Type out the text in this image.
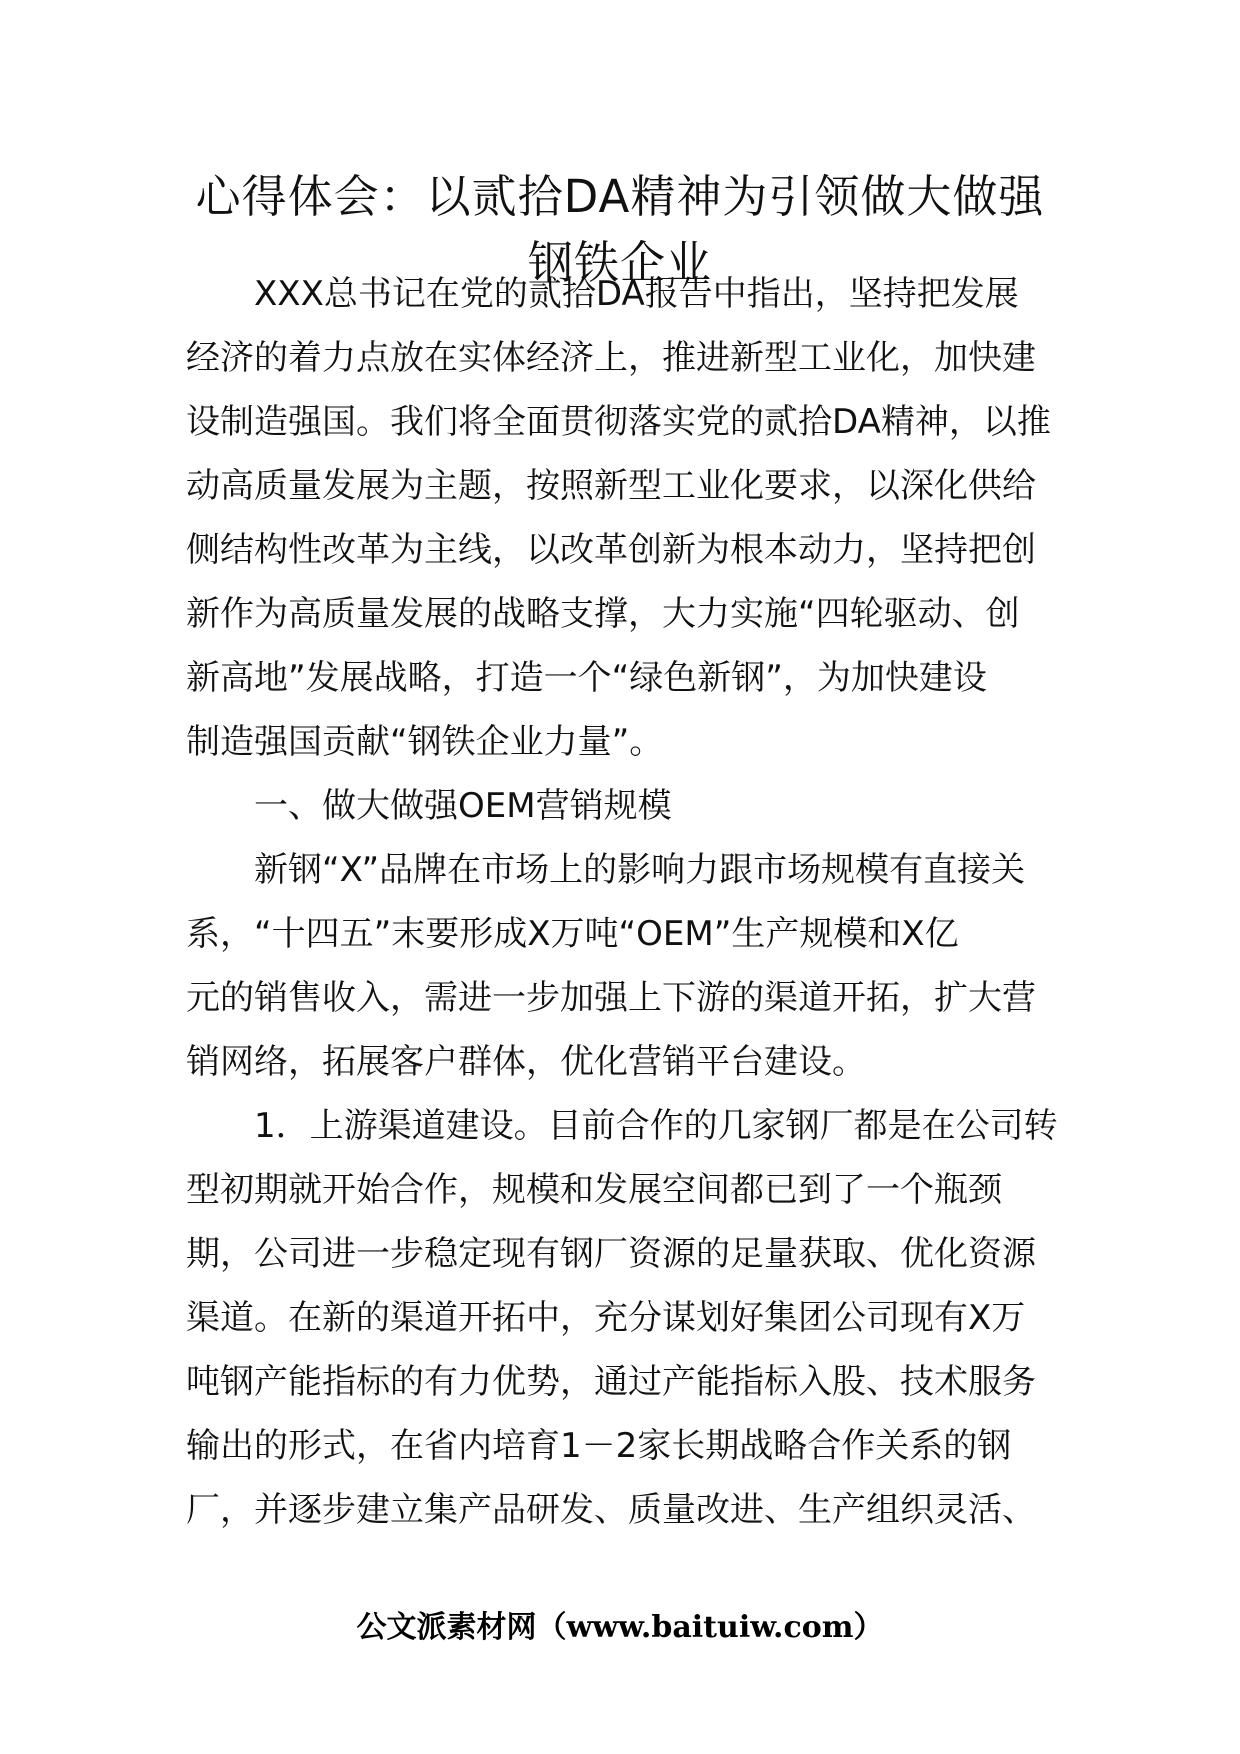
心得体会：以贰拾DA精神为引领做大做强
钢铁企业
XXX总书记在党的贰拾DA报告中指出，坚持把发展
经济的着力点放在实体经济上，推进新型工业化，加快建
设制造强国。我们将全面贯彻落实党的贰拾DA精神，以推
动高质量发展为主题，按照新型工业化要求，以深化供给
侧结构性改革为主线，以改革创新为根本动力，坚持把创
新作为高质量发展的战略支撑，大力实施“四轮驱动、创
新高地”发展战略，打造一个“绿色新钢”，为加快建设
制造强国贡献“钢铁企业力量”。
一、做大做强OEM营销规模
新钢“X”品牌在市场上的影响力跟市场规模有直接关
系，“十四五”末要形成X万吨“OEM”生产规模和X亿
元的销售收入，需进一步加强上下游的渠道开拓，扩大营
销网络，拓展客户群体，优化营销平台建设。
1．上游渠道建设。目前合作的几家钢厂都是在公司转
型初期就开始合作，规模和发展空间都已到了一个瓶颈
期，公司进一步稳定现有钢厂资源的足量获取、优化资源
渠道。在新的渠道开拓中，充分谋划好集团公司现有X万
吨钢产能指标的有力优势，通过产能指标入股、技术服务
输出的形式，在省内培育1－2家长期战略合作关系的钢
厂，并逐步建立集产品研发、质量改进、生产组织灵活、
公文派素材网（www.baituiw.com）
